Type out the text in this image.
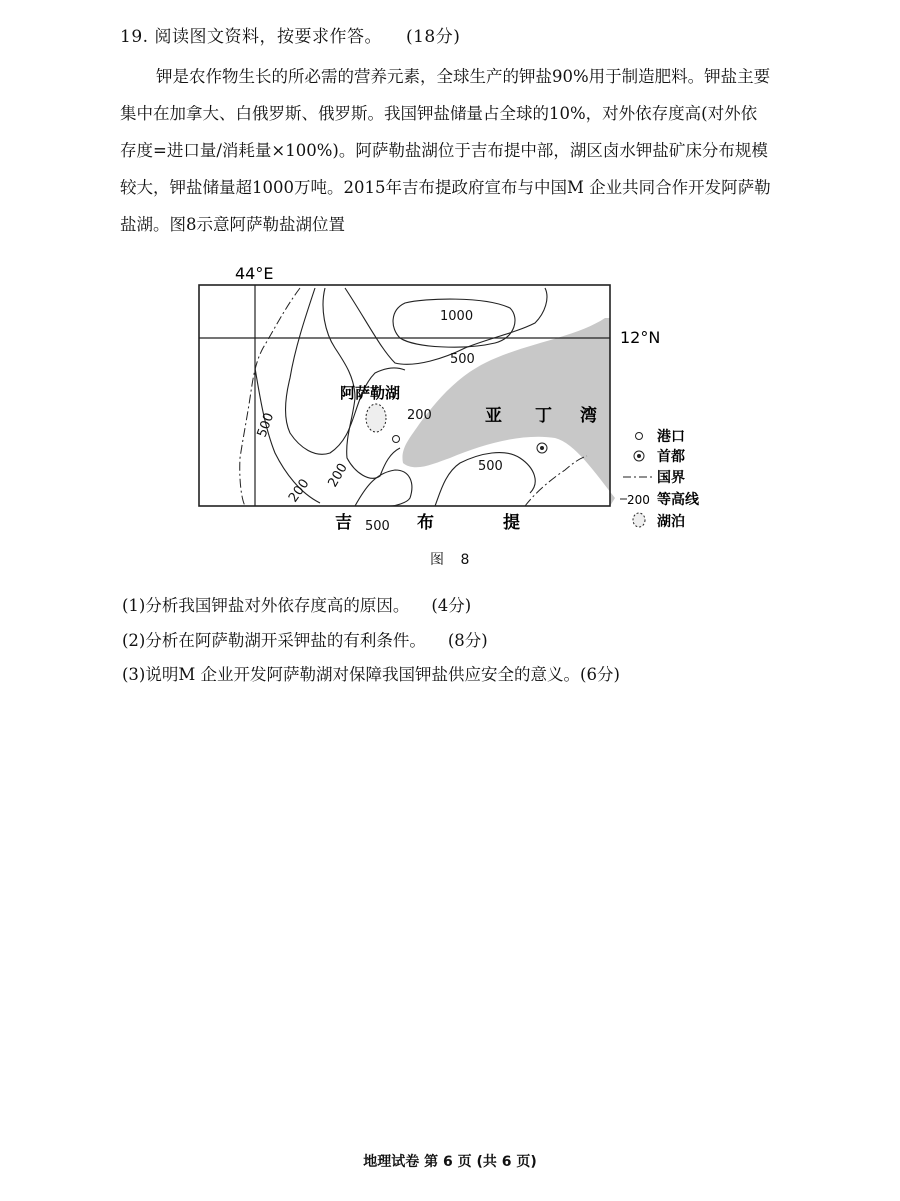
19. 阅读图文资料，按要求作答。 (18分)
钾是农作物生长的所必需的营养元素，全球生产的钾盐90%用于制造肥料。钾盐主要
集中在加拿大、白俄罗斯、俄罗斯。我国钾盐储量占全球的10%，对外依存度高(对外依
存度=进口量/消耗量×100%)。阿萨勒盐湖位于吉布提中部，湖区卤水钾盐矿床分布规模
较大，钾盐储量超1000万吨。2015年吉布提政府宣布与中国M 企业共同合作开发阿萨勒
盐湖。图8示意阿萨勒盐湖位置
1000
500
200
500
200
200
500
500
阿萨勒湖
亚 丁 湾
吉	布	提
44°E
12°N
港口
首都
国界
200 等高线
湖泊
图 8
(1)分析我国钾盐对外依存度高的原因。 (4分)
(2)分析在阿萨勒湖开采钾盐的有利条件。 (8分)
(3)说明M 企业开发阿萨勒湖对保障我国钾盐供应安全的意义。(6分)
地理试卷 第 6 页 (共 6 页)
